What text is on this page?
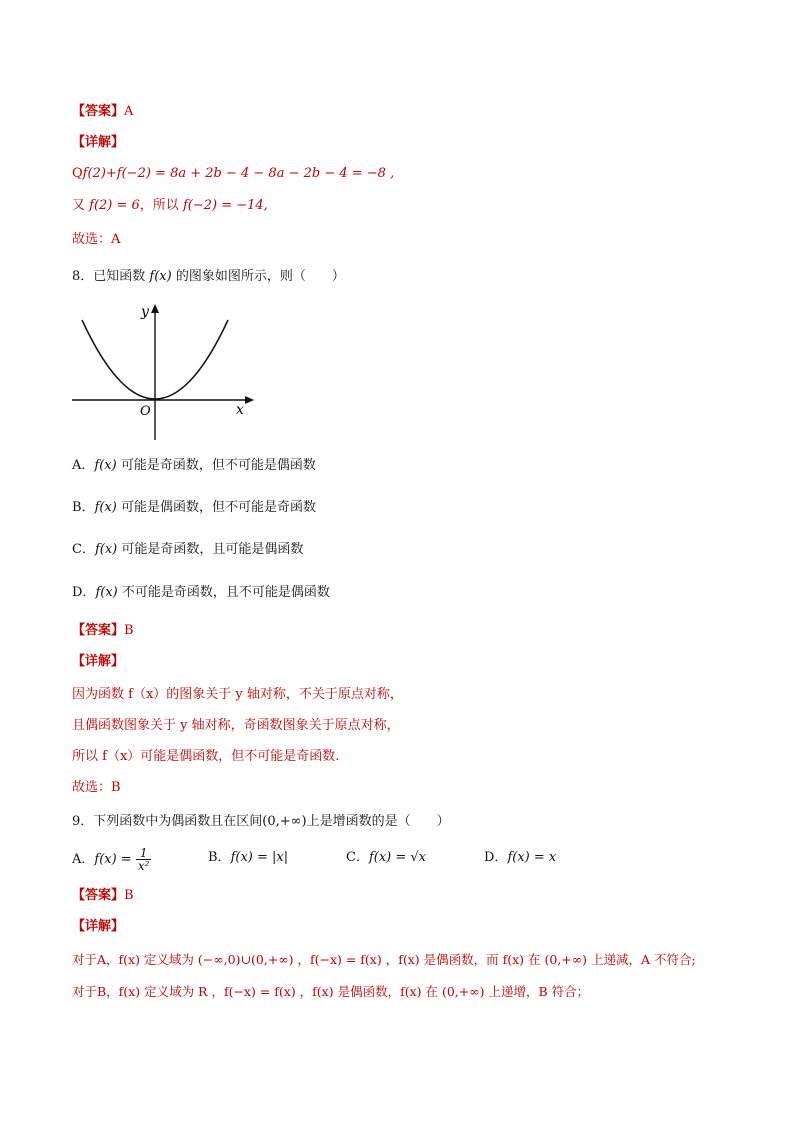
【答案】A
【详解】
Qf(2)+f(−2) = 8a + 2b − 4 − 8a − 2b − 4 = −8 ,
又 f(2) = 6，所以 f(−2) = −14,
故选：A
8．已知函数 f(x) 的图象如图所示，则（　　）
y
x
O
A．f(x) 可能是奇函数，但不可能是偶函数
B．f(x) 可能是偶函数，但不可能是奇函数
C．f(x) 可能是奇函数，且可能是偶函数
D．f(x) 不可能是奇函数，且不可能是偶函数
【答案】B
【详解】
因为函数 f（x）的图象关于 y 轴对称，不关于原点对称，
且偶函数图象关于 y 轴对称，奇函数图象关于原点对称，
所以 f（x）可能是偶函数，但不可能是奇函数.
故选：B
9．下列函数中为偶函数且在区间(0,+∞)上是增函数的是（　　）
A．$f(x) = \frac{1}{\text{x²}}$	B．f(x) = |x|	C．f(x) = √x	D．f(x) = x
【答案】B
【详解】
对于A，f(x) 定义域为 (−∞,0)∪(0,+∞) ，f(−x) = f(x) ，f(x) 是偶函数，而 f(x) 在 (0,+∞) 上递减，A 不符合;
对于B，f(x) 定义域为 R ，f(−x) = f(x) ，f(x) 是偶函数，f(x) 在 (0,+∞) 上递增，B 符合；
